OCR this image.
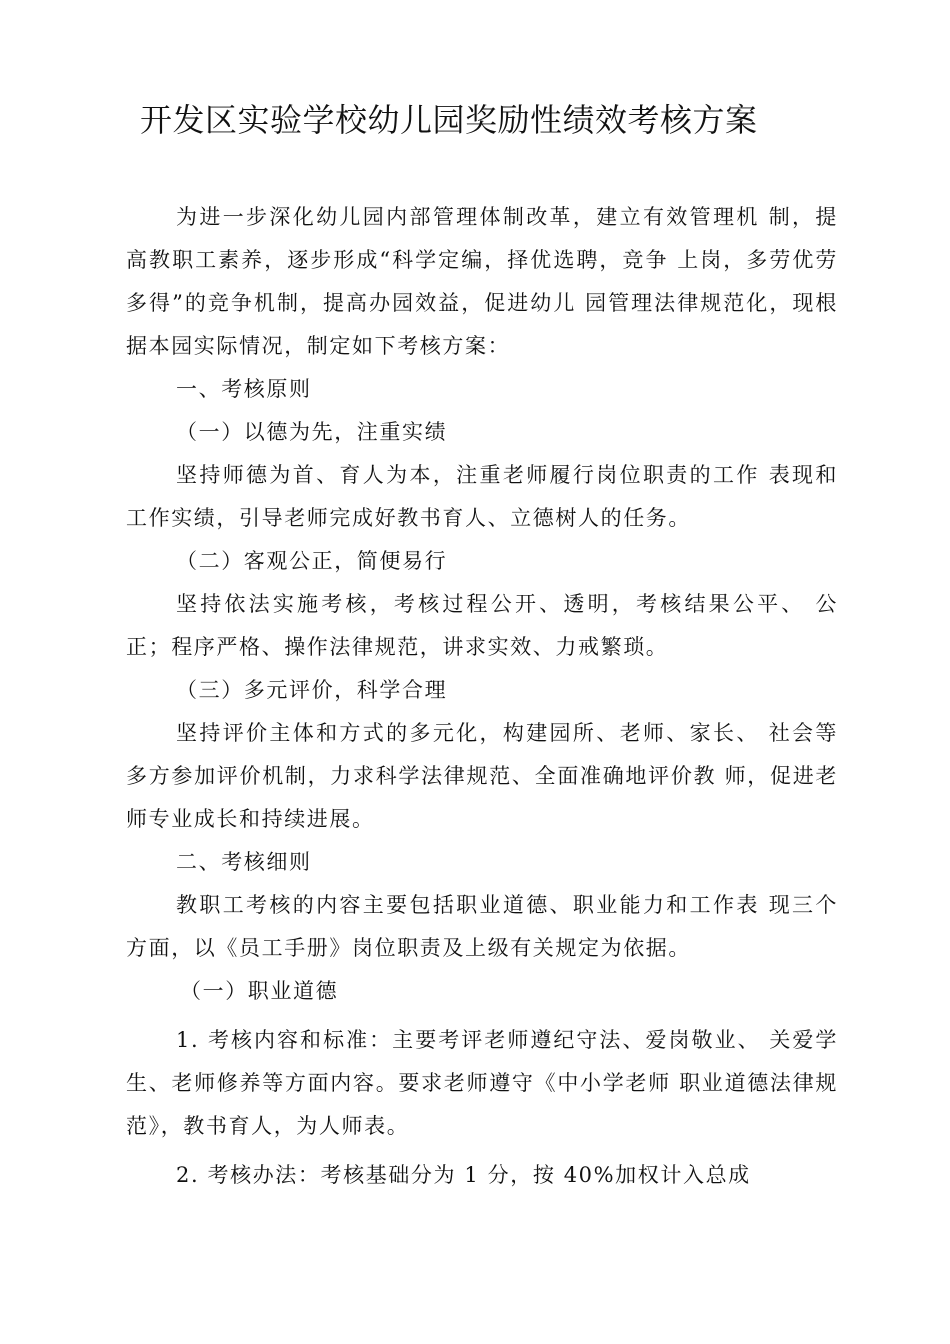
开发区实验学校幼儿园奖励性绩效考核方案

为进一步深化幼儿园内部管理体制改革，建立有效管理机 制，提高教职工素养，逐步形成“科学定编，择优选聘，竞争 上岗，多劳优劳多得”的竞争机制，提高办园效益，促进幼儿 园管理法律规范化，现根据本园实际情况，制定如下考核方案：

一、考核原则

（一）以德为先，注重实绩

坚持师德为首、育人为本，注重老师履行岗位职责的工作 表现和工作实绩，引导老师完成好教书育人、立德树人的任务。

（二）客观公正，简便易行

坚持依法实施考核，考核过程公开、透明，考核结果公平、 公正；程序严格、操作法律规范，讲求实效、力戒繁琐。

（三）多元评价，科学合理

坚持评价主体和方式的多元化，构建园所、老师、家长、 社会等多方参加评价机制，力求科学法律规范、全面准确地评价教 师，促进老师专业成长和持续进展。

二、考核细则

教职工考核的内容主要包括职业道德、职业能力和工作表 现三个方面，以《员工手册》岗位职责及上级有关规定为依据。

（一）职业道德

1. 考核内容和标准：主要考评老师遵纪守法、爱岗敬业、 关爱学生、老师修养等方面内容。要求老师遵守《中小学老师 职业道德法律规范》，教书育人，为人师表。

2. 考核办法：考核基础分为 1 分，按 40%加权计入总成
